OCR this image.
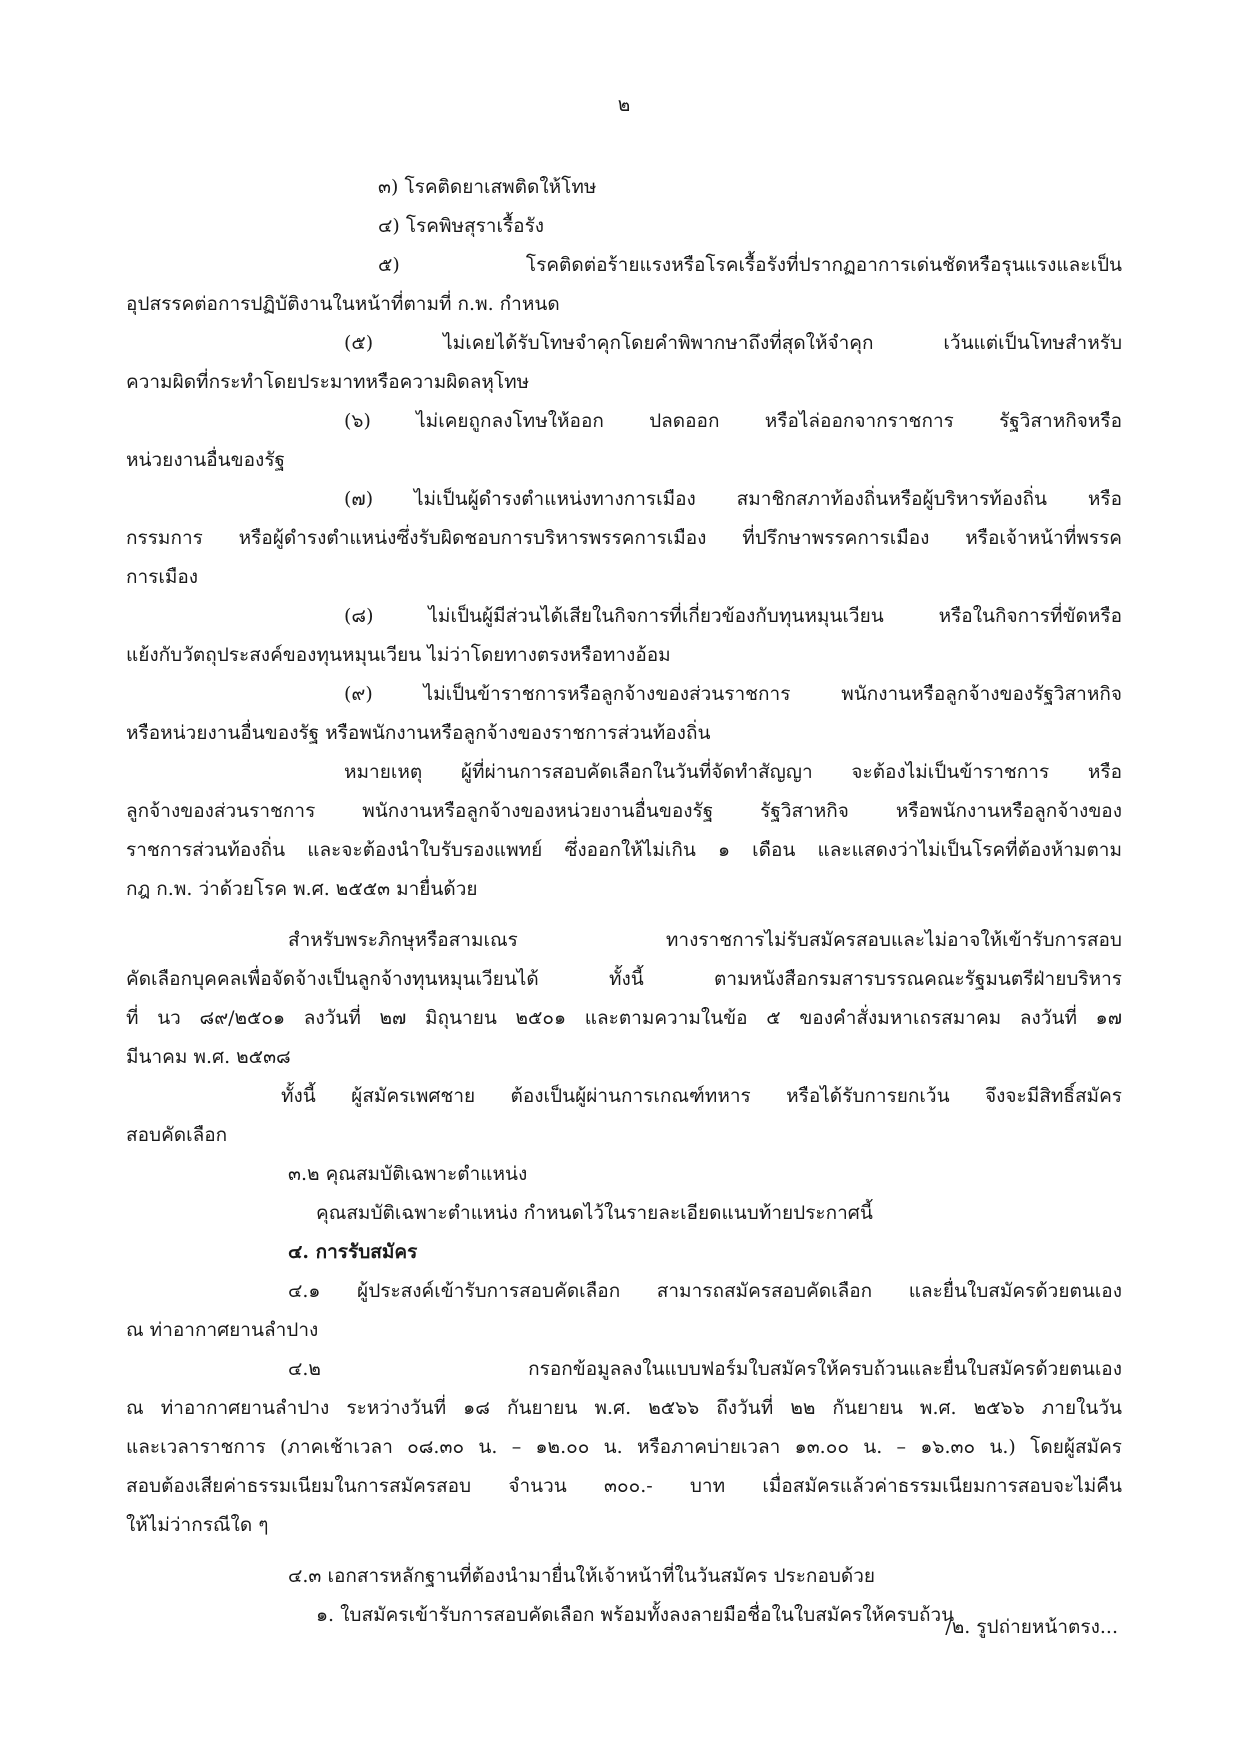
๒
๓) โรคติดยาเสพติดให้โทษ
๔) โรคพิษสุราเรื้อรัง
๕) โรคติดต่อร้ายแรงหรือโรคเรื้อรังที่ปรากฏอาการเด่นชัดหรือรุนแรงและเป็น
อุปสรรคต่อการปฏิบัติงานในหน้าที่ตามที่ ก.พ. กำหนด
(๕) ไม่เคยได้รับโทษจำคุกโดยคำพิพากษาถึงที่สุดให้จำคุก เว้นแต่เป็นโทษสำหรับ
ความผิดที่กระทำโดยประมาทหรือความผิดลหุโทษ
(๖) ไม่เคยถูกลงโทษให้ออก ปลดออก หรือไล่ออกจากราชการ รัฐวิสาหกิจหรือ
หน่วยงานอื่นของรัฐ
(๗) ไม่เป็นผู้ดำรงตำแหน่งทางการเมือง สมาชิกสภาท้องถิ่นหรือผู้บริหารท้องถิ่น หรือ
กรรมการ หรือผู้ดำรงตำแหน่งซึ่งรับผิดชอบการบริหารพรรคการเมือง ที่ปรึกษาพรรคการเมือง หรือเจ้าหน้าที่พรรค
การเมือง
(๘) ไม่เป็นผู้มีส่วนได้เสียในกิจการที่เกี่ยวข้องกับทุนหมุนเวียน หรือในกิจการที่ขัดหรือ
แย้งกับวัตถุประสงค์ของทุนหมุนเวียน ไม่ว่าโดยทางตรงหรือทางอ้อม
(๙) ไม่เป็นข้าราชการหรือลูกจ้างของส่วนราชการ พนักงานหรือลูกจ้างของรัฐวิสาหกิจ
หรือหน่วยงานอื่นของรัฐ หรือพนักงานหรือลูกจ้างของราชการส่วนท้องถิ่น
หมายเหตุ ผู้ที่ผ่านการสอบคัดเลือกในวันที่จัดทำสัญญา จะต้องไม่เป็นข้าราชการ หรือ
ลูกจ้างของส่วนราชการ พนักงานหรือลูกจ้างของหน่วยงานอื่นของรัฐ รัฐวิสาหกิจ หรือพนักงานหรือลูกจ้างของ
ราชการส่วนท้องถิ่น และจะต้องนำใบรับรองแพทย์ ซึ่งออกให้ไม่เกิน ๑ เดือน และแสดงว่าไม่เป็นโรคที่ต้องห้ามตาม
กฎ ก.พ. ว่าด้วยโรค พ.ศ. ๒๕๕๓ มายื่นด้วย
สำหรับพระภิกษุหรือสามเณร ทางราชการไม่รับสมัครสอบและไม่อาจให้เข้ารับการสอบ
คัดเลือกบุคคลเพื่อจัดจ้างเป็นลูกจ้างทุนหมุนเวียนได้ ทั้งนี้ ตามหนังสือกรมสารบรรณคณะรัฐมนตรีฝ่ายบริหาร
ที่ นว ๘๙/๒๕๐๑ ลงวันที่ ๒๗ มิถุนายน ๒๕๐๑ และตามความในข้อ ๕ ของคำสั่งมหาเถรสมาคม ลงวันที่ ๑๗
มีนาคม พ.ศ. ๒๕๓๘
ทั้งนี้ ผู้สมัครเพศชาย ต้องเป็นผู้ผ่านการเกณฑ์ทหาร หรือได้รับการยกเว้น จึงจะมีสิทธิ์สมัคร
สอบคัดเลือก
๓.๒ คุณสมบัติเฉพาะตำแหน่ง
คุณสมบัติเฉพาะตำแหน่ง กำหนดไว้ในรายละเอียดแนบท้ายประกาศนี้
๔. การรับสมัคร
๔.๑ ผู้ประสงค์เข้ารับการสอบคัดเลือก สามารถสมัครสอบคัดเลือก และยื่นใบสมัครด้วยตนเอง
ณ ท่าอากาศยานลำปาง
๔.๒ กรอกข้อมูลลงในแบบฟอร์มใบสมัครให้ครบถ้วนและยื่นใบสมัครด้วยตนเอง
ณ ท่าอากาศยานลำปาง ระหว่างวันที่ ๑๘ กันยายน พ.ศ. ๒๕๖๖ ถึงวันที่ ๒๒ กันยายน พ.ศ. ๒๕๖๖ ภายในวัน
และเวลาราชการ (ภาคเช้าเวลา ๐๘.๓๐ น. – ๑๒.๐๐ น. หรือภาคบ่ายเวลา ๑๓.๐๐ น. – ๑๖.๓๐ น.) โดยผู้สมัคร
สอบต้องเสียค่าธรรมเนียมในการสมัครสอบ จำนวน ๓๐๐.- บาท เมื่อสมัครแล้วค่าธรรมเนียมการสอบจะไม่คืน
ให้ไม่ว่ากรณีใด ๆ
๔.๓ เอกสารหลักฐานที่ต้องนำมายื่นให้เจ้าหน้าที่ในวันสมัคร ประกอบด้วย
๑. ใบสมัครเข้ารับการสอบคัดเลือก พร้อมทั้งลงลายมือชื่อในใบสมัครให้ครบถ้วน
/๒. รูปถ่ายหน้าตรง...
